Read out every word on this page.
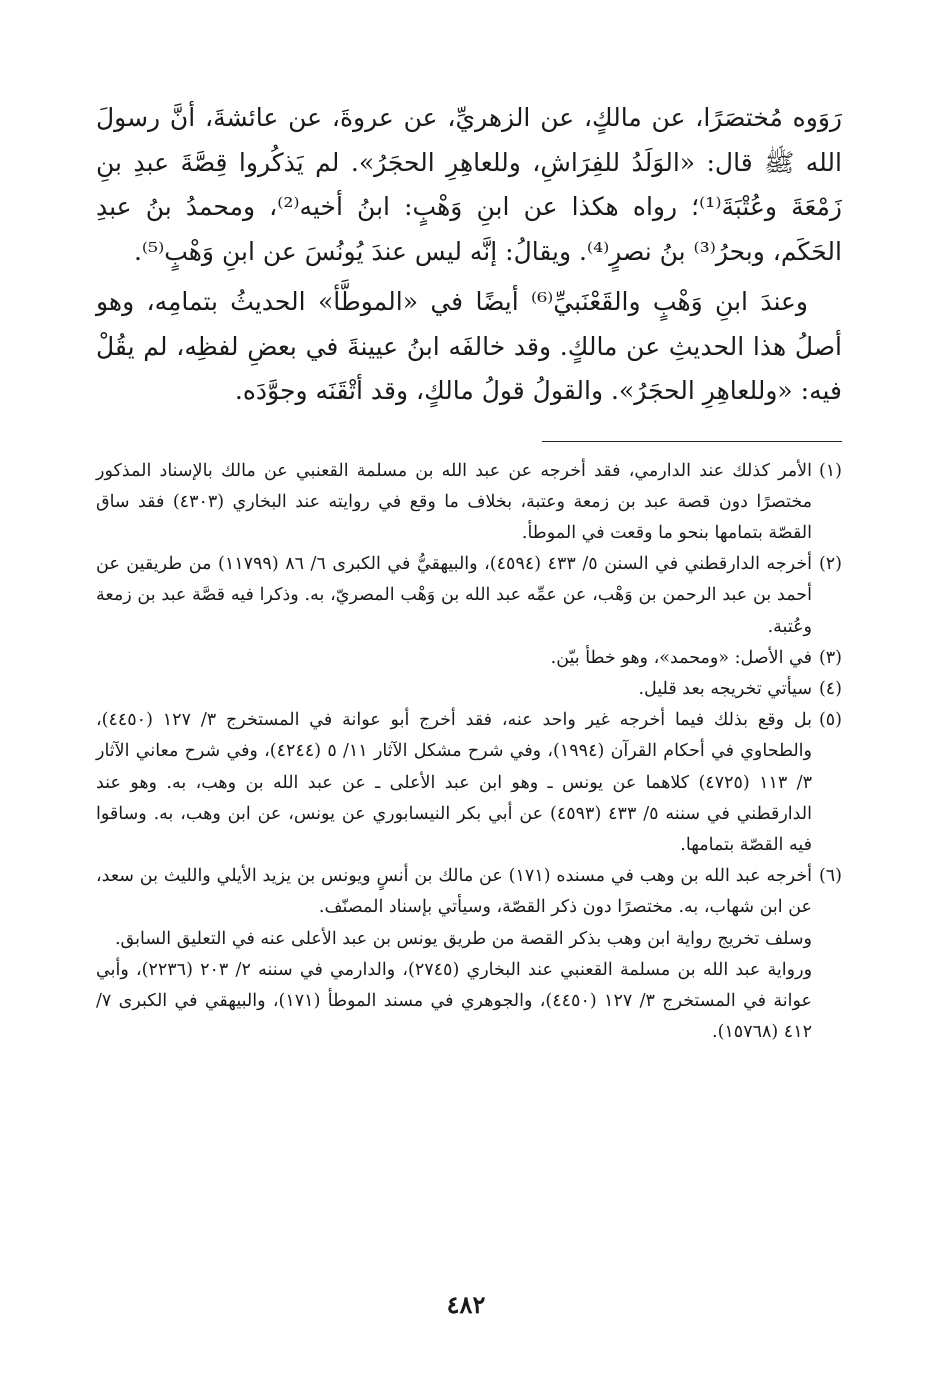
رَوَوه مُختصَرًا، عن مالكٍ، عن الزهريِّ، عن عروةَ، عن عائشةَ، أنَّ رسولَ الله ﷺ قال: «الوَلَدُ للفِرَاشِ، وللعاهِرِ الحجَرُ». لم يَذكُروا قِصَّةَ عبدِ بنِ زَمْعَةَ وعُتْبَةَ⁽¹⁾؛ رواه هكذا عن ابنِ وَهْبٍ: ابنُ أخيه⁽²⁾، ومحمدُ بنُ عبدِ الحَكَم، وبحرُ⁽³⁾ بنُ نصرٍ⁽⁴⁾. ويقالُ: إنَّه ليس عندَ يُونُسَ عن ابنِ وَهْبٍ⁽⁵⁾.

وعندَ ابنِ وَهْبٍ والقَعْنَبيِّ⁽⁶⁾ أيضًا في «الموطَّأ» الحديثُ بتمامِه، وهو أصلُ هذا الحديثِ عن مالكٍ. وقد خالفَه ابنُ عيينةَ في بعضِ لفظِه، لم يقُلْ فيه: «وللعاهِرِ الحجَرُ». والقولُ قولُ مالكٍ، وقد أتْقَنَه وجوَّدَه.

(١)

الأمر كذلك عند الدارمي، فقد أخرجه عن عبد الله بن مسلمة القعنبي عن مالك بالإسناد المذكور مختصرًا دون قصة عبد بن زمعة وعتبة، بخلاف ما وقع في روايته عند البخاري (٤٣٠٣) فقد ساق القصّة بتمامها بنحو ما وقعت في الموطأ.

(٢)

أخرجه الدارقطني في السنن ٥/ ٤٣٣ (٤٥٩٤)، والبيهقيُّ في الكبرى ٦/ ٨٦ (١١٧٩٩) من طريقين عن أحمد بن عبد الرحمن بن وَهْب، عن عمِّه عبد الله بن وَهْب المصريّ، به. وذكرا فيه قصَّة عبد بن زمعة وعُتبة.

(٣)

في الأصل: «ومحمد»، وهو خطأ بيّن.

(٤)

سيأتي تخريجه بعد قليل.

(٥)

بل وقع بذلك فيما أخرجه غير واحد عنه، فقد أخرج أبو عوانة في المستخرج ٣/ ١٢٧ (٤٤٥٠)، والطحاوي في أحكام القرآن (١٩٩٤)، وفي شرح مشكل الآثار ١١/ ٥ (٤٢٤٤)، وفي شرح معاني الآثار ٣/ ١١٣ (٤٧٢٥) كلاهما عن يونس ـ وهو ابن عبد الأعلى ـ عن عبد الله بن وهب، به. وهو عند الدارقطني في سننه ٥/ ٤٣٣ (٤٥٩٣) عن أبي بكر النيسابوري عن يونس، عن ابن وهب، به. وساقوا فيه القصّة بتمامها.

(٦)

أخرجه عبد الله بن وهب في مسنده (١٧١) عن مالك بن أنسٍ ويونس بن يزيد الأيلي والليث بن سعد، عن ابن شهاب، به. مختصرًا دون ذكر القصّة، وسيأتي بإسناد المصنّف.

وسلف تخريج رواية ابن وهب بذكر القصة من طريق يونس بن عبد الأعلى عنه في التعليق السابق.

ورواية عبد الله بن مسلمة القعنبي عند البخاري (٢٧٤٥)، والدارمي في سننه ٢/ ٢٠٣ (٢٢٣٦)، وأبي عوانة في المستخرج ٣/ ١٢٧ (٤٤٥٠)، والجوهري في مسند الموطأ (١٧١)، والبيهقي في الكبرى ٧/ ٤١٢ (١٥٧٦٨).

٤٨٢
